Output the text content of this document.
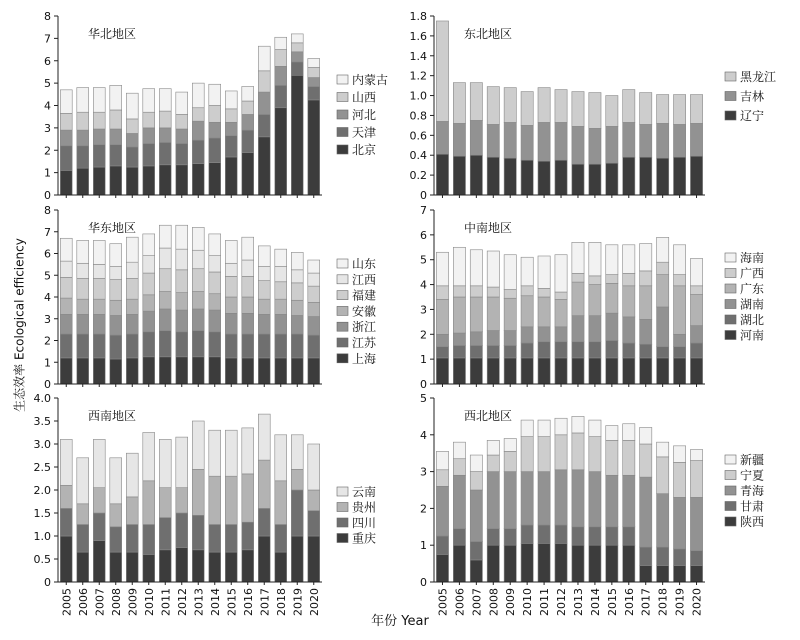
华北地区
0
1
2
3
4
5
6
7
8
内蒙古
山西
河北
天津
北京
东北地区
0
0.2
0.4
0.6
0.8
1.0
1.2
1.4
1.6
1.8
黑龙江
吉林
辽宁
华东地区
0
1
2
3
4
5
6
7
8
山东
江西
福建
安徽
浙江
江苏
上海
中南地区
0
1
2
3
4
5
6
7
海南
广西
广东
湖南
湖北
河南
西南地区
0
0.5
1.0
1.5
2.0
2.5
3.0
3.5
4.0
2005 2006 2007 2008 2009 2010 2011 2012 2013 2014 2015 2016 2017 2018 2019 2020
云南
贵州
四川
重庆
西北地区
0
1
2
3
4
5
2005 2006 2007 2008 2009 2010 2011 2012 2013 2014 2015 2016 2017 2018 2019 2020
新疆
宁夏
青海
甘肃
陕西
生态效率 Ecological efficiency
年份 Year
